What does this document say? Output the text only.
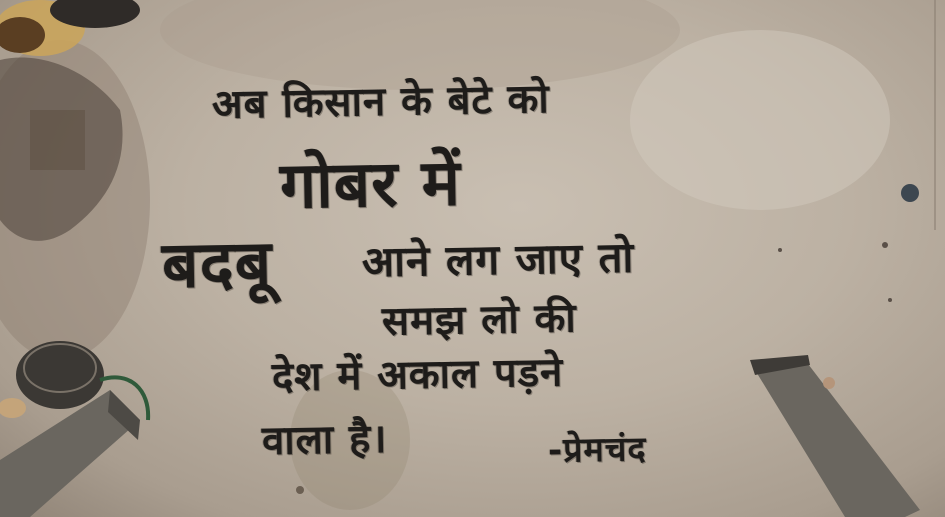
अब किसान के बेटे को

गोबर में

बदबू आने लग जाए तो

समझ लो की

देश में अकाल पड़ने

वाला है।	-प्रेमचंद
